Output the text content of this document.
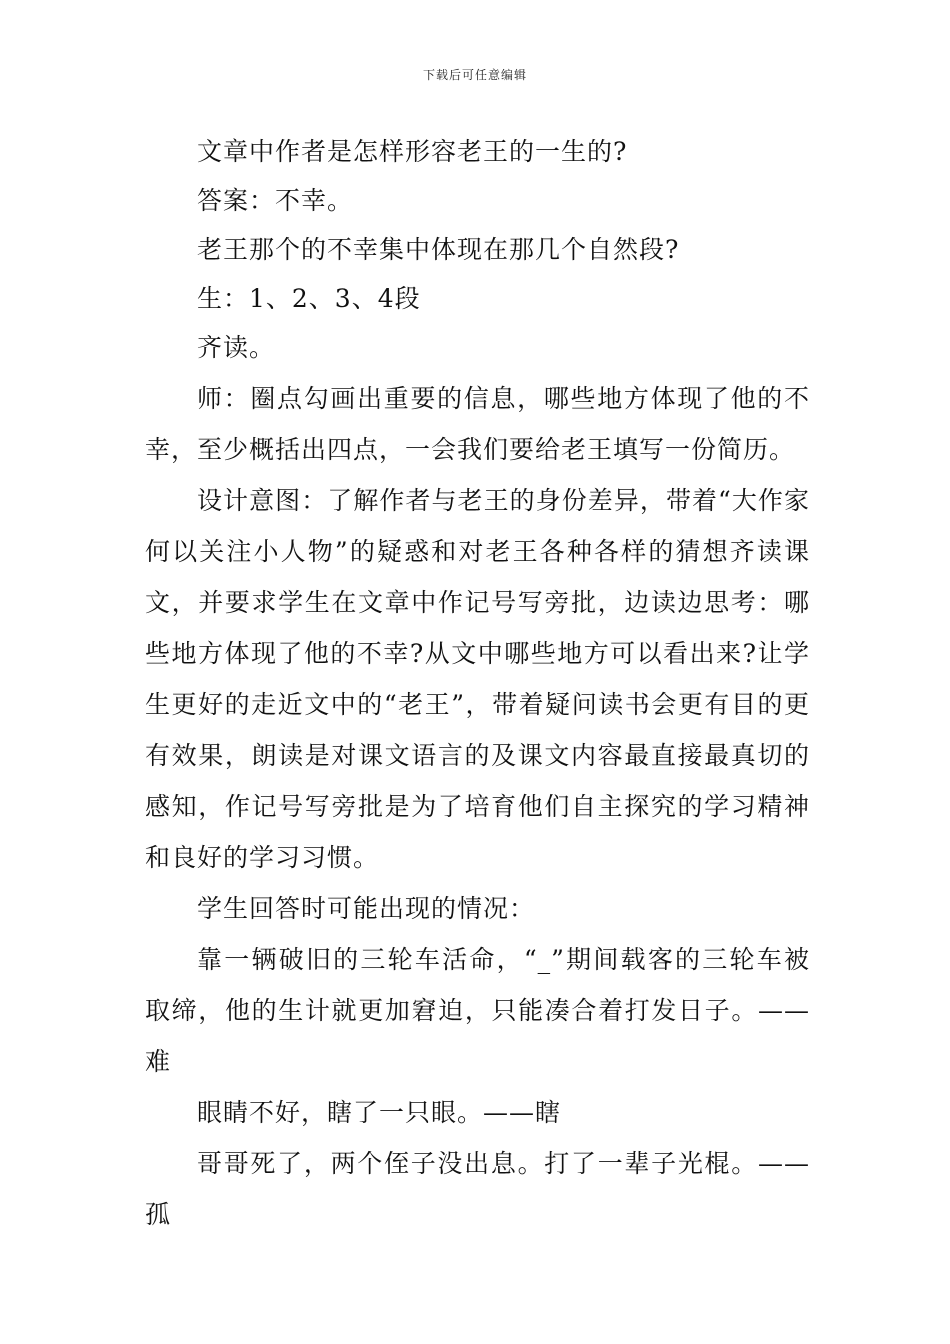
下载后可任意编辑

文章中作者是怎样形容老王的一生的?

答案：不幸。

老王那个的不幸集中体现在那几个自然段?

生：1、2、3、4段

齐读。

师：圈点勾画出重要的信息，哪些地方体现了他的不幸，至少概括出四点，一会我们要给老王填写一份简历。

设计意图：了解作者与老王的身份差异，带着“大作家何以关注小人物”的疑惑和对老王各种各样的猜想齐读课文，并要求学生在文章中作记号写旁批，边读边思考：哪些地方体现了他的不幸?从文中哪些地方可以看出来?让学生更好的走近文中的“老王”，带着疑问读书会更有目的更有效果，朗读是对课文语言的及课文内容最直接最真切的感知，作记号写旁批是为了培育他们自主探究的学习精神和良好的学习习惯。

学生回答时可能出现的情况：

靠一辆破旧的三轮车活命，“_”期间载客的三轮车被取缔，他的生计就更加窘迫，只能凑合着打发日子。——难

眼睛不好，瞎了一只眼。——瞎

哥哥死了，两个侄子没出息。打了一辈子光棍。——孤
